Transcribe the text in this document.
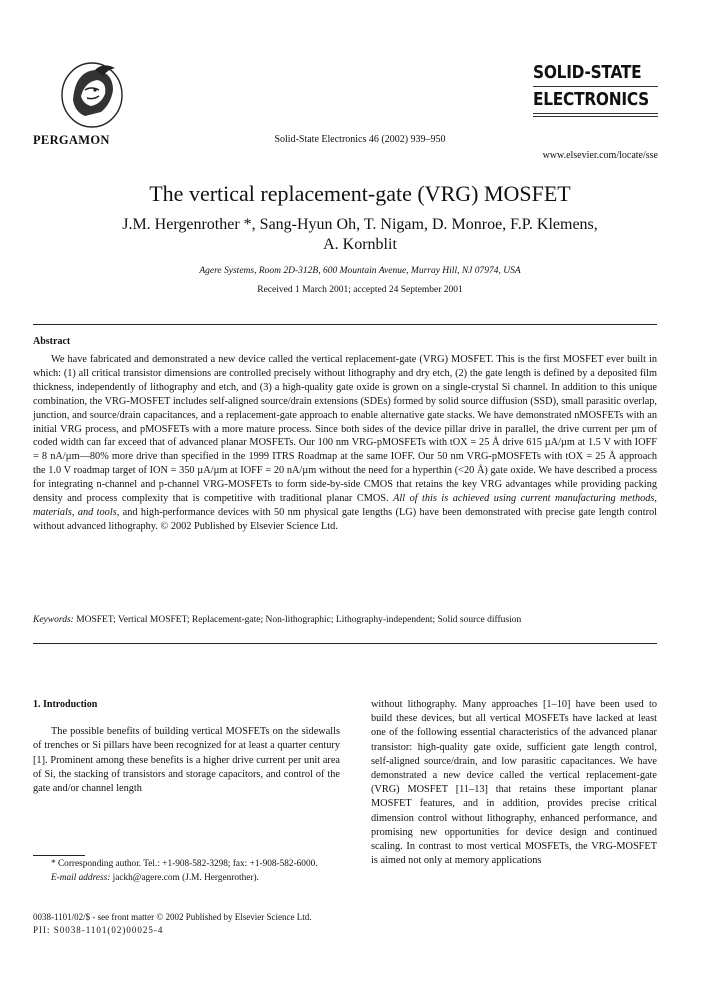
PERGAMON	Solid-State Electronics 46 (2002) 939–950
SOLID-STATE
ELECTRONICS
www.elsevier.com/locate/sse
The vertical replacement-gate (VRG) MOSFET
J.M. Hergenrother *, Sang-Hyun Oh, T. Nigam, D. Monroe, F.P. Klemens,
A. Kornblit
Agere Systems, Room 2D-312B, 600 Mountain Avenue, Murray Hill, NJ 07974, USA
Received 1 March 2001; accepted 24 September 2001
Abstract
We have fabricated and demonstrated a new device called the vertical replacement-gate (VRG) MOSFET. This is the first MOSFET ever built in which: (1) all critical transistor dimensions are controlled precisely without lithography and dry etch, (2) the gate length is defined by a deposited film thickness, independently of lithography and etch, and (3) a high-quality gate oxide is grown on a single-crystal Si channel. In addition to this unique combination, the VRG-MOSFET includes self-aligned source/drain extensions (SDEs) formed by solid source diffusion (SSD), small parasitic overlap, junction, and source/drain capacitances, and a replacement-gate approach to enable alternative gate stacks. We have demonstrated nMOSFETs with an initial VRG process, and pMOSFETs with a more mature process. Since both sides of the device pillar drive in parallel, the drive current per µm of coded width can far exceed that of advanced planar MOSFETs. Our 100 nm VRG-pMOSFETs with tOX = 25 Å drive 615 µA/µm at 1.5 V with IOFF = 8 nA/µm—80% more drive than specified in the 1999 ITRS Roadmap at the same IOFF. Our 50 nm VRG-pMOSFETs with tOX = 25 Å approach the 1.0 V roadmap target of ION = 350 µA/µm at IOFF = 20 nA/µm without the need for a hyperthin (<20 Å) gate oxide. We have described a process for integrating n-channel and p-channel VRG-MOSFETs to form side-by-side CMOS that retains the key VRG advantages while providing packing density and process complexity that is competitive with traditional planar CMOS. All of this is achieved using current manufacturing methods, materials, and tools, and high-performance devices with 50 nm physical gate lengths (LG) have been demonstrated with precise gate length control without advanced lithography. © 2002 Published by Elsevier Science Ltd.
Keywords: MOSFET; Vertical MOSFET; Replacement-gate; Non-lithographic; Lithography-independent; Solid source diffusion
1. Introduction

The possible benefits of building vertical MOSFETs on the sidewalls of trenches or Si pillars have been recognized for at least a quarter century [1]. Prominent among these benefits is a higher drive current per unit area of Si, the stacking of transistors and storage capacitors, and control of the gate and/or channel length

without lithography. Many approaches [1–10] have been used to build these devices, but all vertical MOSFETs have lacked at least one of the following essential characteristics of the advanced planar transistor: high-quality gate oxide, sufficient gate length control, self-aligned source/drain, and low parasitic capacitances. We have demonstrated a new device called the vertical replacement-gate (VRG) MOSFET [11–13] that retains these important planar MOSFET features, and in addition, provides precise critical dimension control without lithography, enhanced performance, and promising new opportunities for device design and continued scaling. In contrast to most vertical MOSFETs, the VRG-MOSFET is aimed not only at memory applications

* Corresponding author. Tel.: +1-908-582-3298; fax: +1-908-582-6000.
E-mail address: jackh@agere.com (J.M. Hergenrother).
0038-1101/02/$ - see front matter © 2002 Published by Elsevier Science Ltd.
PII: S0038-1101(02)00025-4
